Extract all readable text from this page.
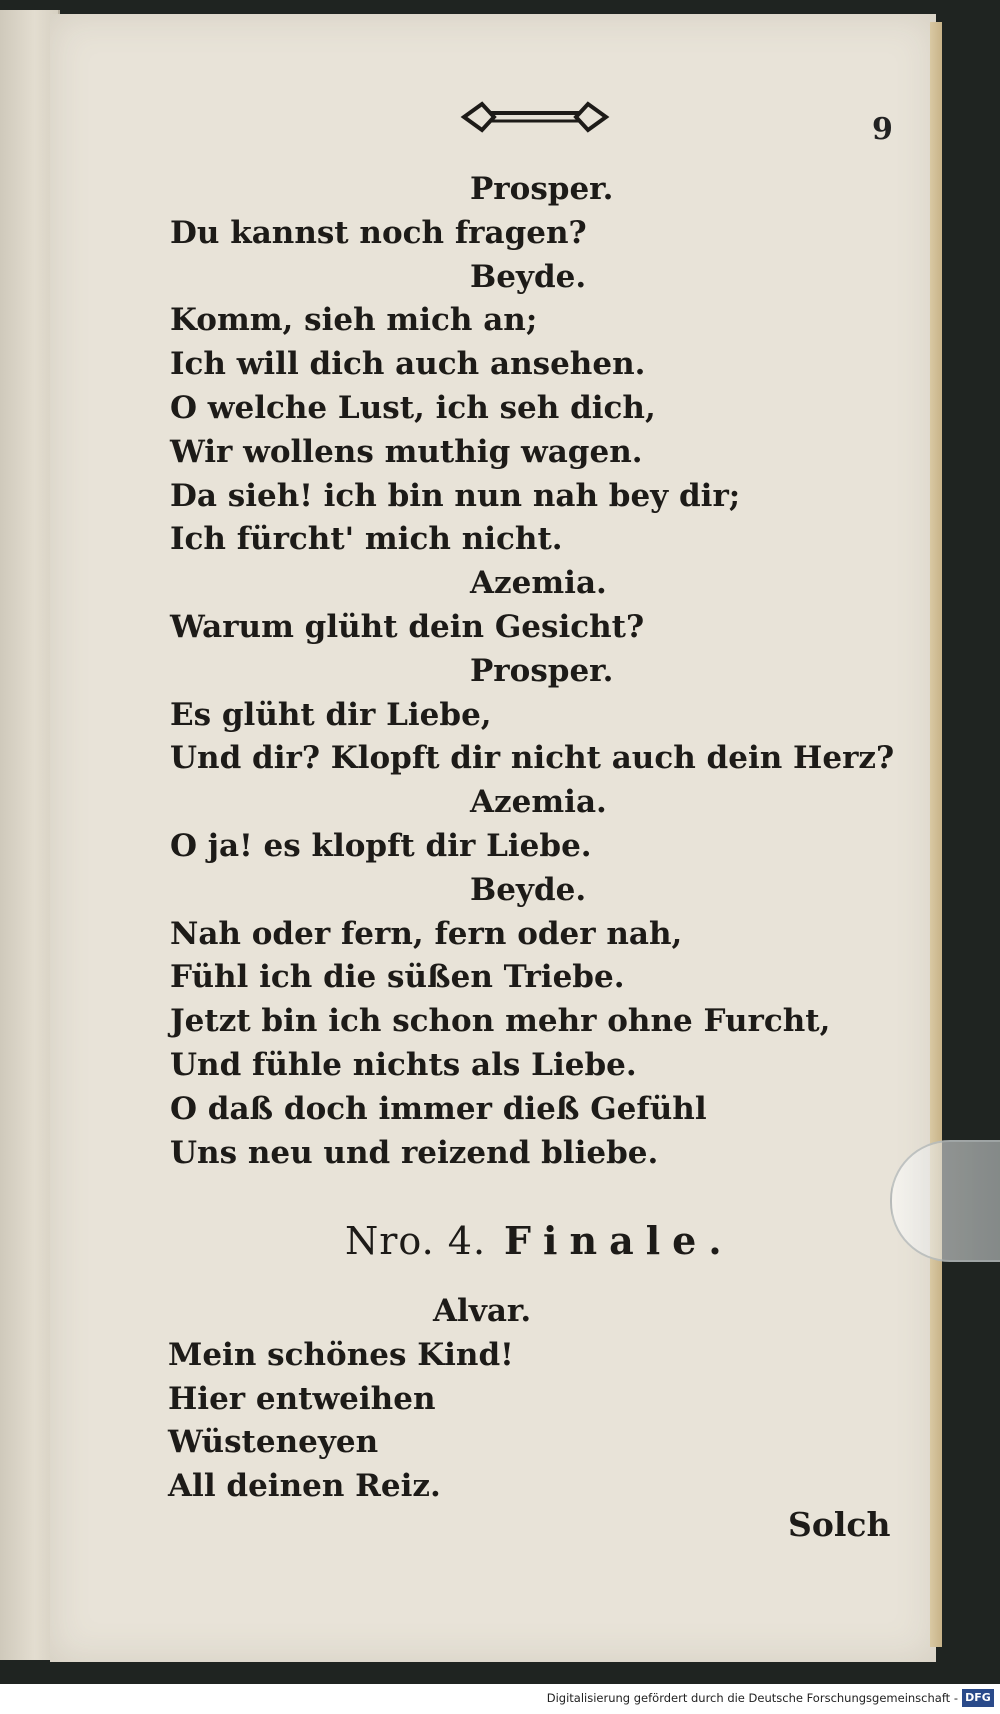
9
Prosper.
Du kannst noch fragen?
Beyde.
Komm, sieh mich an;
Ich will dich auch ansehen.
O welche Lust, ich seh dich,
Wir wollens muthig wagen.
Da sieh! ich bin nun nah bey dir;
Ich fürcht' mich nicht.
Azemia.
Warum glüht dein Gesicht?
Prosper.
Es glüht dir Liebe,
Und dir? Klopft dir nicht auch dein Herz?
Azemia.
O ja! es klopft dir Liebe.
Beyde.
Nah oder fern, fern oder nah,
Fühl ich die süßen Triebe.
Jetzt bin ich schon mehr ohne Furcht,
Und fühle nichts als Liebe.
O daß doch immer dieß Gefühl
Uns neu und reizend bliebe.
Nro. 4. Finale.
Alvar.
Mein schönes Kind!
Hier entweihen
Wüsteneyen
All deinen Reiz.
Solch
Digitalisierung gefördert durch die Deutsche Forschungsgemeinschaft - DFG
